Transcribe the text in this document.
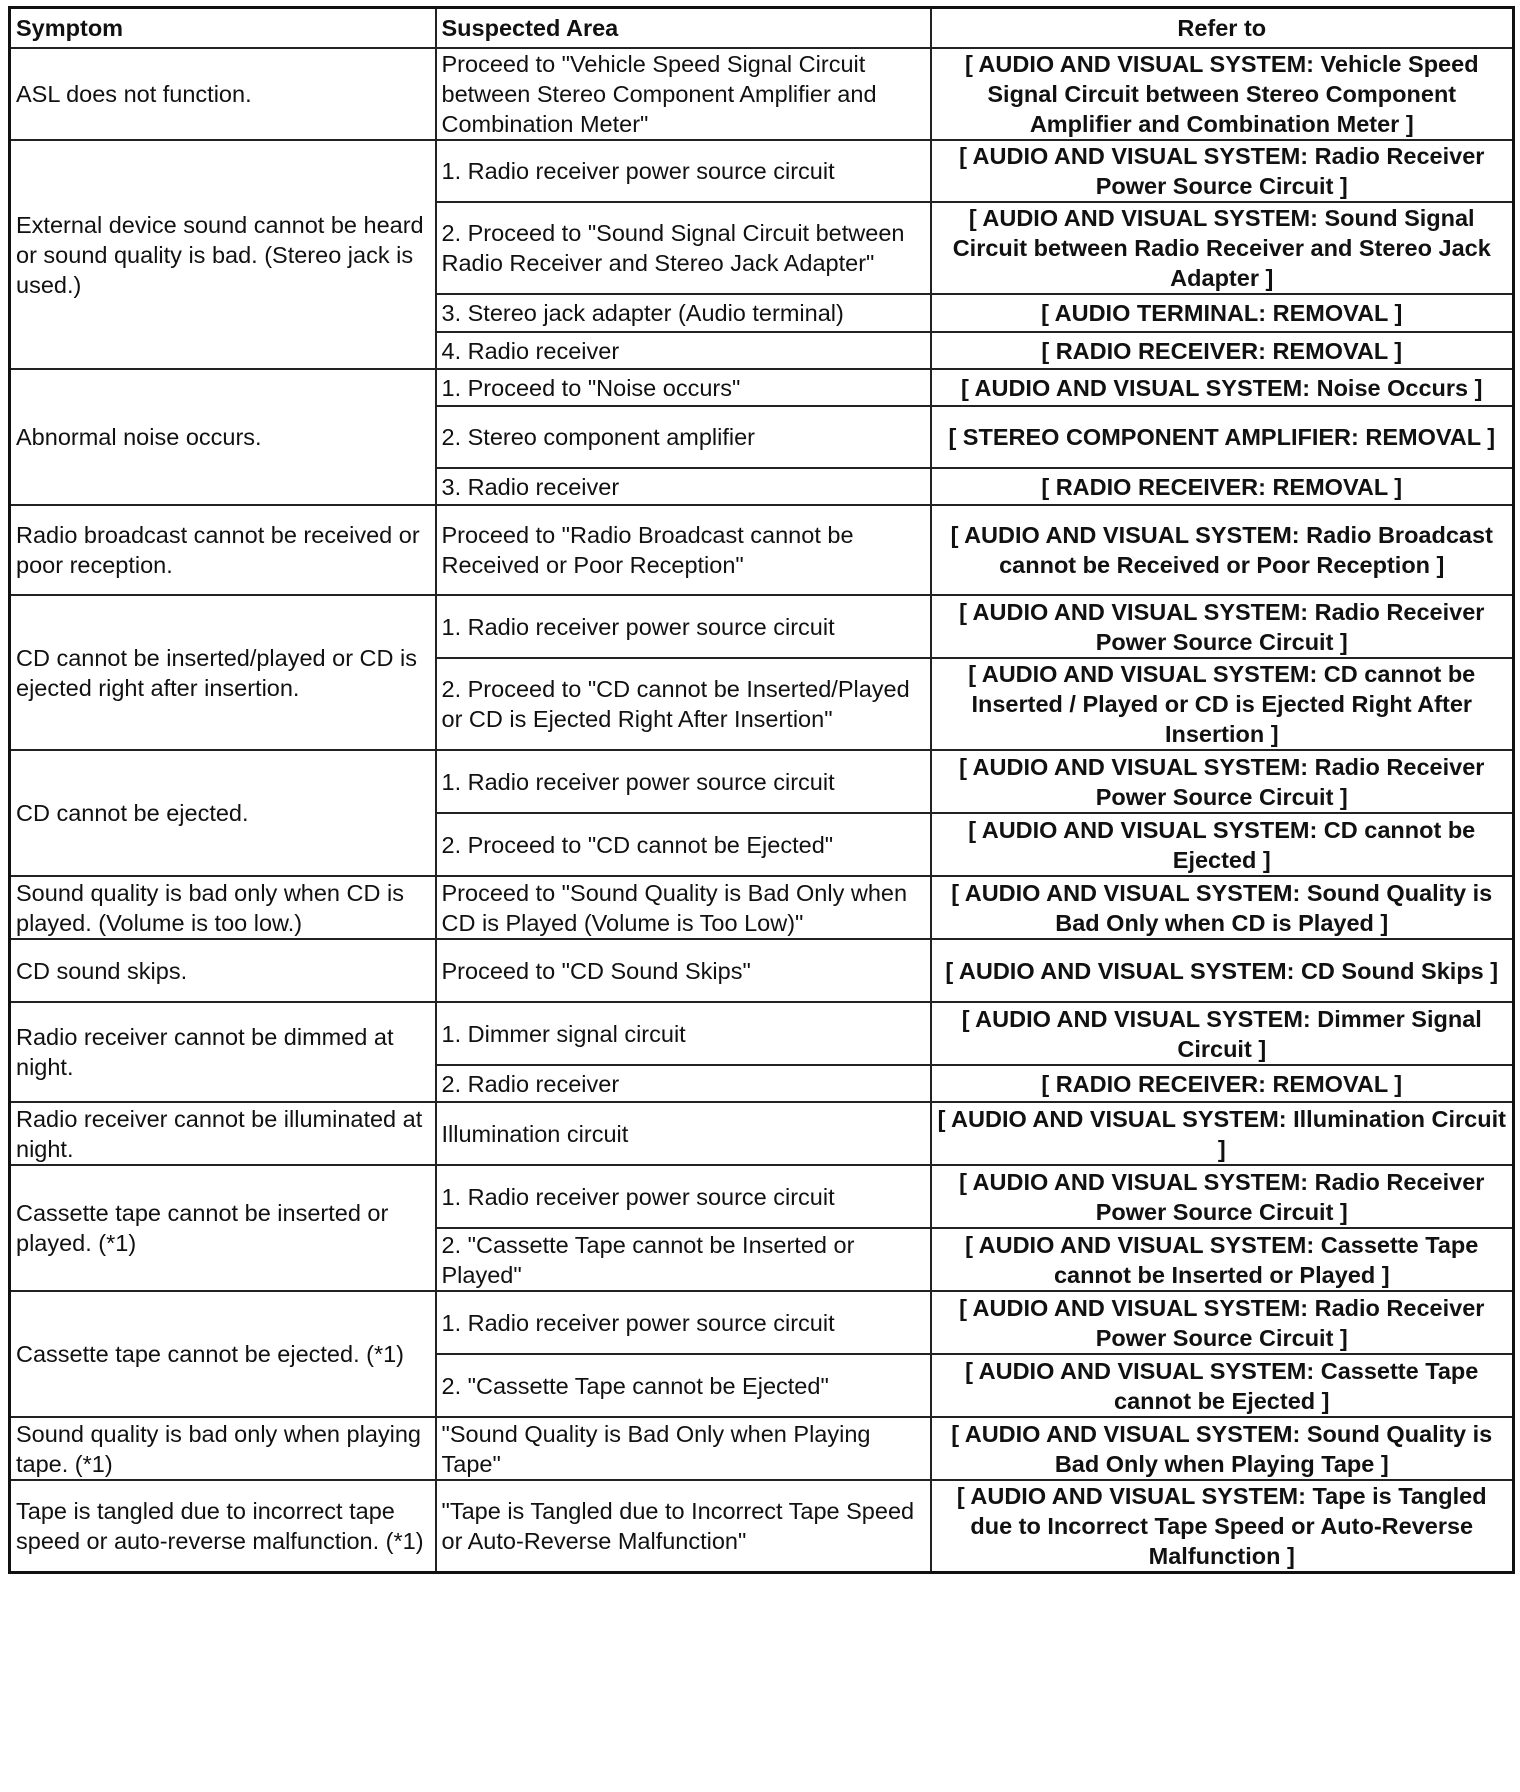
Symptom	Suspected Area	Refer to
ASL does not function.	Proceed to "Vehicle Speed Signal Circuit between Stereo Component Amplifier and Combination Meter"	[ AUDIO AND VISUAL SYSTEM: Vehicle Speed Signal Circuit between Stereo Component Amplifier and Combination Meter ]
External device sound cannot be heard or sound quality is bad. (Stereo jack is used.)	1. Radio receiver power source circuit	[ AUDIO AND VISUAL SYSTEM: Radio Receiver Power Source Circuit ]
	2. Proceed to "Sound Signal Circuit between Radio Receiver and Stereo Jack Adapter"	[ AUDIO AND VISUAL SYSTEM: Sound Signal Circuit between Radio Receiver and Stereo Jack Adapter ]
	3. Stereo jack adapter (Audio terminal)	[ AUDIO TERMINAL: REMOVAL ]
	4. Radio receiver	[ RADIO RECEIVER: REMOVAL ]
Abnormal noise occurs.	1. Proceed to "Noise occurs"	[ AUDIO AND VISUAL SYSTEM: Noise Occurs ]
	2. Stereo component amplifier	[ STEREO COMPONENT AMPLIFIER: REMOVAL ]
	3. Radio receiver	[ RADIO RECEIVER: REMOVAL ]
Radio broadcast cannot be received or poor reception.	Proceed to "Radio Broadcast cannot be Received or Poor Reception"	[ AUDIO AND VISUAL SYSTEM: Radio Broadcast cannot be Received or Poor Reception ]
CD cannot be inserted/played or CD is ejected right after insertion.	1. Radio receiver power source circuit	[ AUDIO AND VISUAL SYSTEM: Radio Receiver Power Source Circuit ]
	2. Proceed to "CD cannot be Inserted/Played or CD is Ejected Right After Insertion"	[ AUDIO AND VISUAL SYSTEM: CD cannot be Inserted / Played or CD is Ejected Right After Insertion ]
CD cannot be ejected.	1. Radio receiver power source circuit	[ AUDIO AND VISUAL SYSTEM: Radio Receiver Power Source Circuit ]
	2. Proceed to "CD cannot be Ejected"	[ AUDIO AND VISUAL SYSTEM: CD cannot be Ejected ]
Sound quality is bad only when CD is played. (Volume is too low.)	Proceed to "Sound Quality is Bad Only when CD is Played (Volume is Too Low)"	[ AUDIO AND VISUAL SYSTEM: Sound Quality is Bad Only when CD is Played ]
CD sound skips.	Proceed to "CD Sound Skips"	[ AUDIO AND VISUAL SYSTEM: CD Sound Skips ]
Radio receiver cannot be dimmed at night.	1. Dimmer signal circuit	[ AUDIO AND VISUAL SYSTEM: Dimmer Signal Circuit ]
	2. Radio receiver	[ RADIO RECEIVER: REMOVAL ]
Radio receiver cannot be illuminated at night.	Illumination circuit	[ AUDIO AND VISUAL SYSTEM: Illumination Circuit ]
Cassette tape cannot be inserted or played. (*1)	1. Radio receiver power source circuit	[ AUDIO AND VISUAL SYSTEM: Radio Receiver Power Source Circuit ]
	2. "Cassette Tape cannot be Inserted or Played"	[ AUDIO AND VISUAL SYSTEM: Cassette Tape cannot be Inserted or Played ]
Cassette tape cannot be ejected. (*1)	1. Radio receiver power source circuit	[ AUDIO AND VISUAL SYSTEM: Radio Receiver Power Source Circuit ]
	2. "Cassette Tape cannot be Ejected"	[ AUDIO AND VISUAL SYSTEM: Cassette Tape cannot be Ejected ]
Sound quality is bad only when playing tape. (*1)	"Sound Quality is Bad Only when Playing Tape"	[ AUDIO AND VISUAL SYSTEM: Sound Quality is Bad Only when Playing Tape ]
Tape is tangled due to incorrect tape speed or auto-reverse malfunction. (*1)	"Tape is Tangled due to Incorrect Tape Speed or Auto-Reverse Malfunction"	[ AUDIO AND VISUAL SYSTEM: Tape is Tangled due to Incorrect Tape Speed or Auto-Reverse Malfunction ]
